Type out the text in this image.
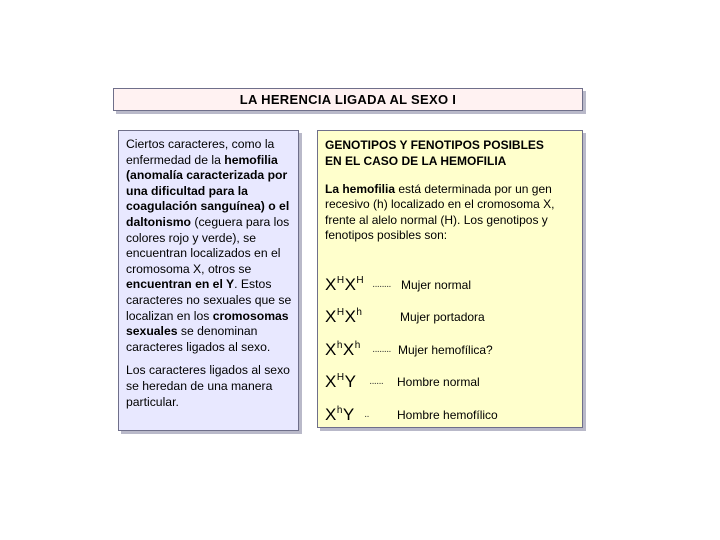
LA HERENCIA LIGADA AL SEXO I
Ciertos caracteres, como la enfermedad de la hemofilia (anomalía caracterizada por una dificultad para la coagulación sanguínea) o el daltonismo (ceguera para los colores rojo y verde), se encuentran localizados en el cromosoma X, otros se encuentran en el Y. Estos caracteres no sexuales que se localizan en los cromosomas sexuales se denominan caracteres ligados al sexo.
Los caracteres ligados al sexo se heredan de una manera particular.
GENOTIPOS Y FENOTIPOS POSIBLES
EN EL CASO DE LA HEMOFILIA
La hemofilia está determinada por un gen recesivo (h) localizado en el cromosoma X, frente al alelo normal (H). Los genotipos y fenotipos posibles son:
$X^HX^H$
········ Mujer normal
$X^HX^h$	Mujer portadora
$X^hX^h$
········ Mujer hemofílica?
$X^HY$ ······ Hombre normal
$X^hY$ ·· Hombre hemofílico
